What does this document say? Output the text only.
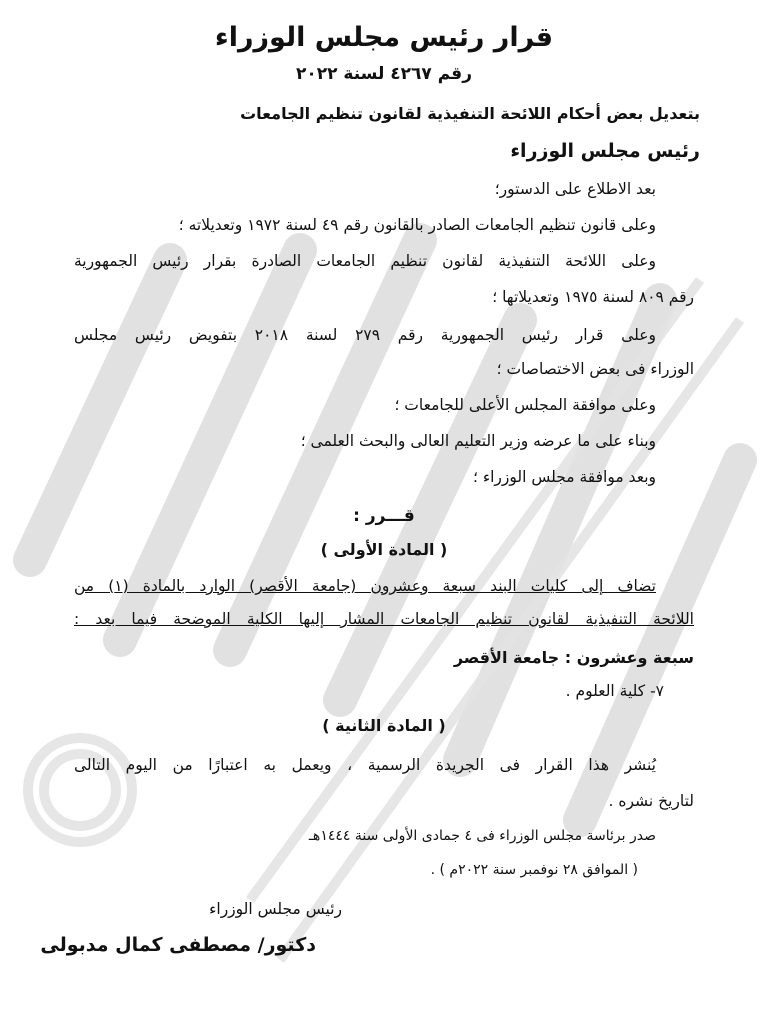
قرار رئيس مجلس الوزراء
رقم ٤٢٦٧ لسنة ٢٠٢٢
بتعديل بعض أحكام اللائحة التنفيذية لقانون تنظيم الجامعات
رئيس مجلس الوزراء
بعد الاطلاع على الدستور؛
وعلى قانون تنظيم الجامعات الصادر بالقانون رقم ٤٩ لسنة ١٩٧٢ وتعديلاته ؛
وعلى اللائحة التنفيذية لقانون تنظيم الجامعات الصادرة بقرار رئيس الجمهورية
رقم ٨٠٩ لسنة ١٩٧٥ وتعديلاتها ؛
وعلى قرار رئيس الجمهورية رقم ٢٧٩ لسنة ٢٠١٨ بتفويض رئيس مجلس
الوزراء فى بعض الاختصاصات ؛
وعلى موافقة المجلس الأعلى للجامعات ؛
وبناء على ما عرضه وزير التعليم العالى والبحث العلمى ؛
وبعد موافقة مجلس الوزراء ؛
قـــرر :
( المادة الأولى )
تضاف إلى كليات البند سبعة وعشرون (جامعة الأقصر) الوارد بالمادة (١) من
اللائحة التنفيذية لقانون تنظيم الجامعات المشار إليها الكلية الموضحة فيما بعد :
سبعة وعشرون : جامعة الأقصر
٧- كلية العلوم .
( المادة الثانية )
يُنشر هذا القرار فى الجريدة الرسمية ، ويعمل به اعتبارًا من اليوم التالى
لتاريخ نشره .
صدر برئاسة مجلس الوزراء فى ٤ جمادى الأولى سنة ١٤٤٤هـ
( الموافق ٢٨ نوفمبر سنة ٢٠٢٢م ) .
رئيس مجلس الوزراء
دكتور/ مصطفى كمال مدبولى
